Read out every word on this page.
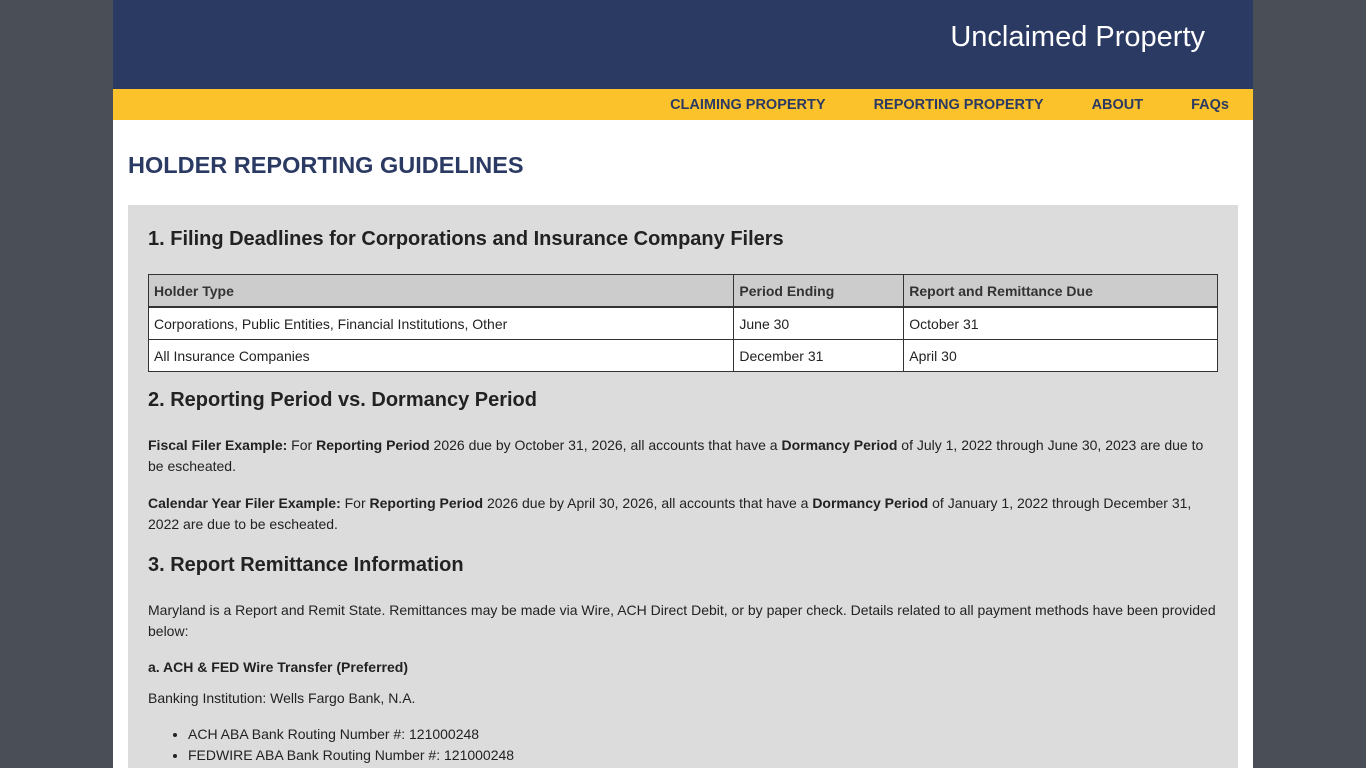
Unclaimed Property
CLAIMING PROPERTY	REPORTING PROPERTY	ABOUT	FAQs
HOLDER REPORTING GUIDELINES
1. Filing Deadlines for Corporations and Insurance Company Filers
Holder Type	Period Ending	Report and Remittance Due
Corporations, Public Entities, Financial Institutions, Other	June 30	October 31
All Insurance Companies	December 31	April 30
2. Reporting Period vs. Dormancy Period

Fiscal Filer Example: For Reporting Period 2026 due by October 31, 2026, all accounts that have a Dormancy Period of July 1, 2022 through June 30, 2023 are due to be escheated.

Calendar Year Filer Example: For Reporting Period 2026 due by April 30, 2026, all accounts that have a Dormancy Period of January 1, 2022 through December 31, 2022 are due to be escheated.

3. Report Remittance Information

Maryland is a Report and Remit State. Remittances may be made via Wire, ACH Direct Debit, or by paper check. Details related to all payment methods have been provided below:

a. ACH & FED Wire Transfer (Preferred)

Banking Institution: Wells Fargo Bank, N.A.

• ACH ABA Bank Routing Number #: 121000248
• FEDWIRE ABA Bank Routing Number #: 121000248
